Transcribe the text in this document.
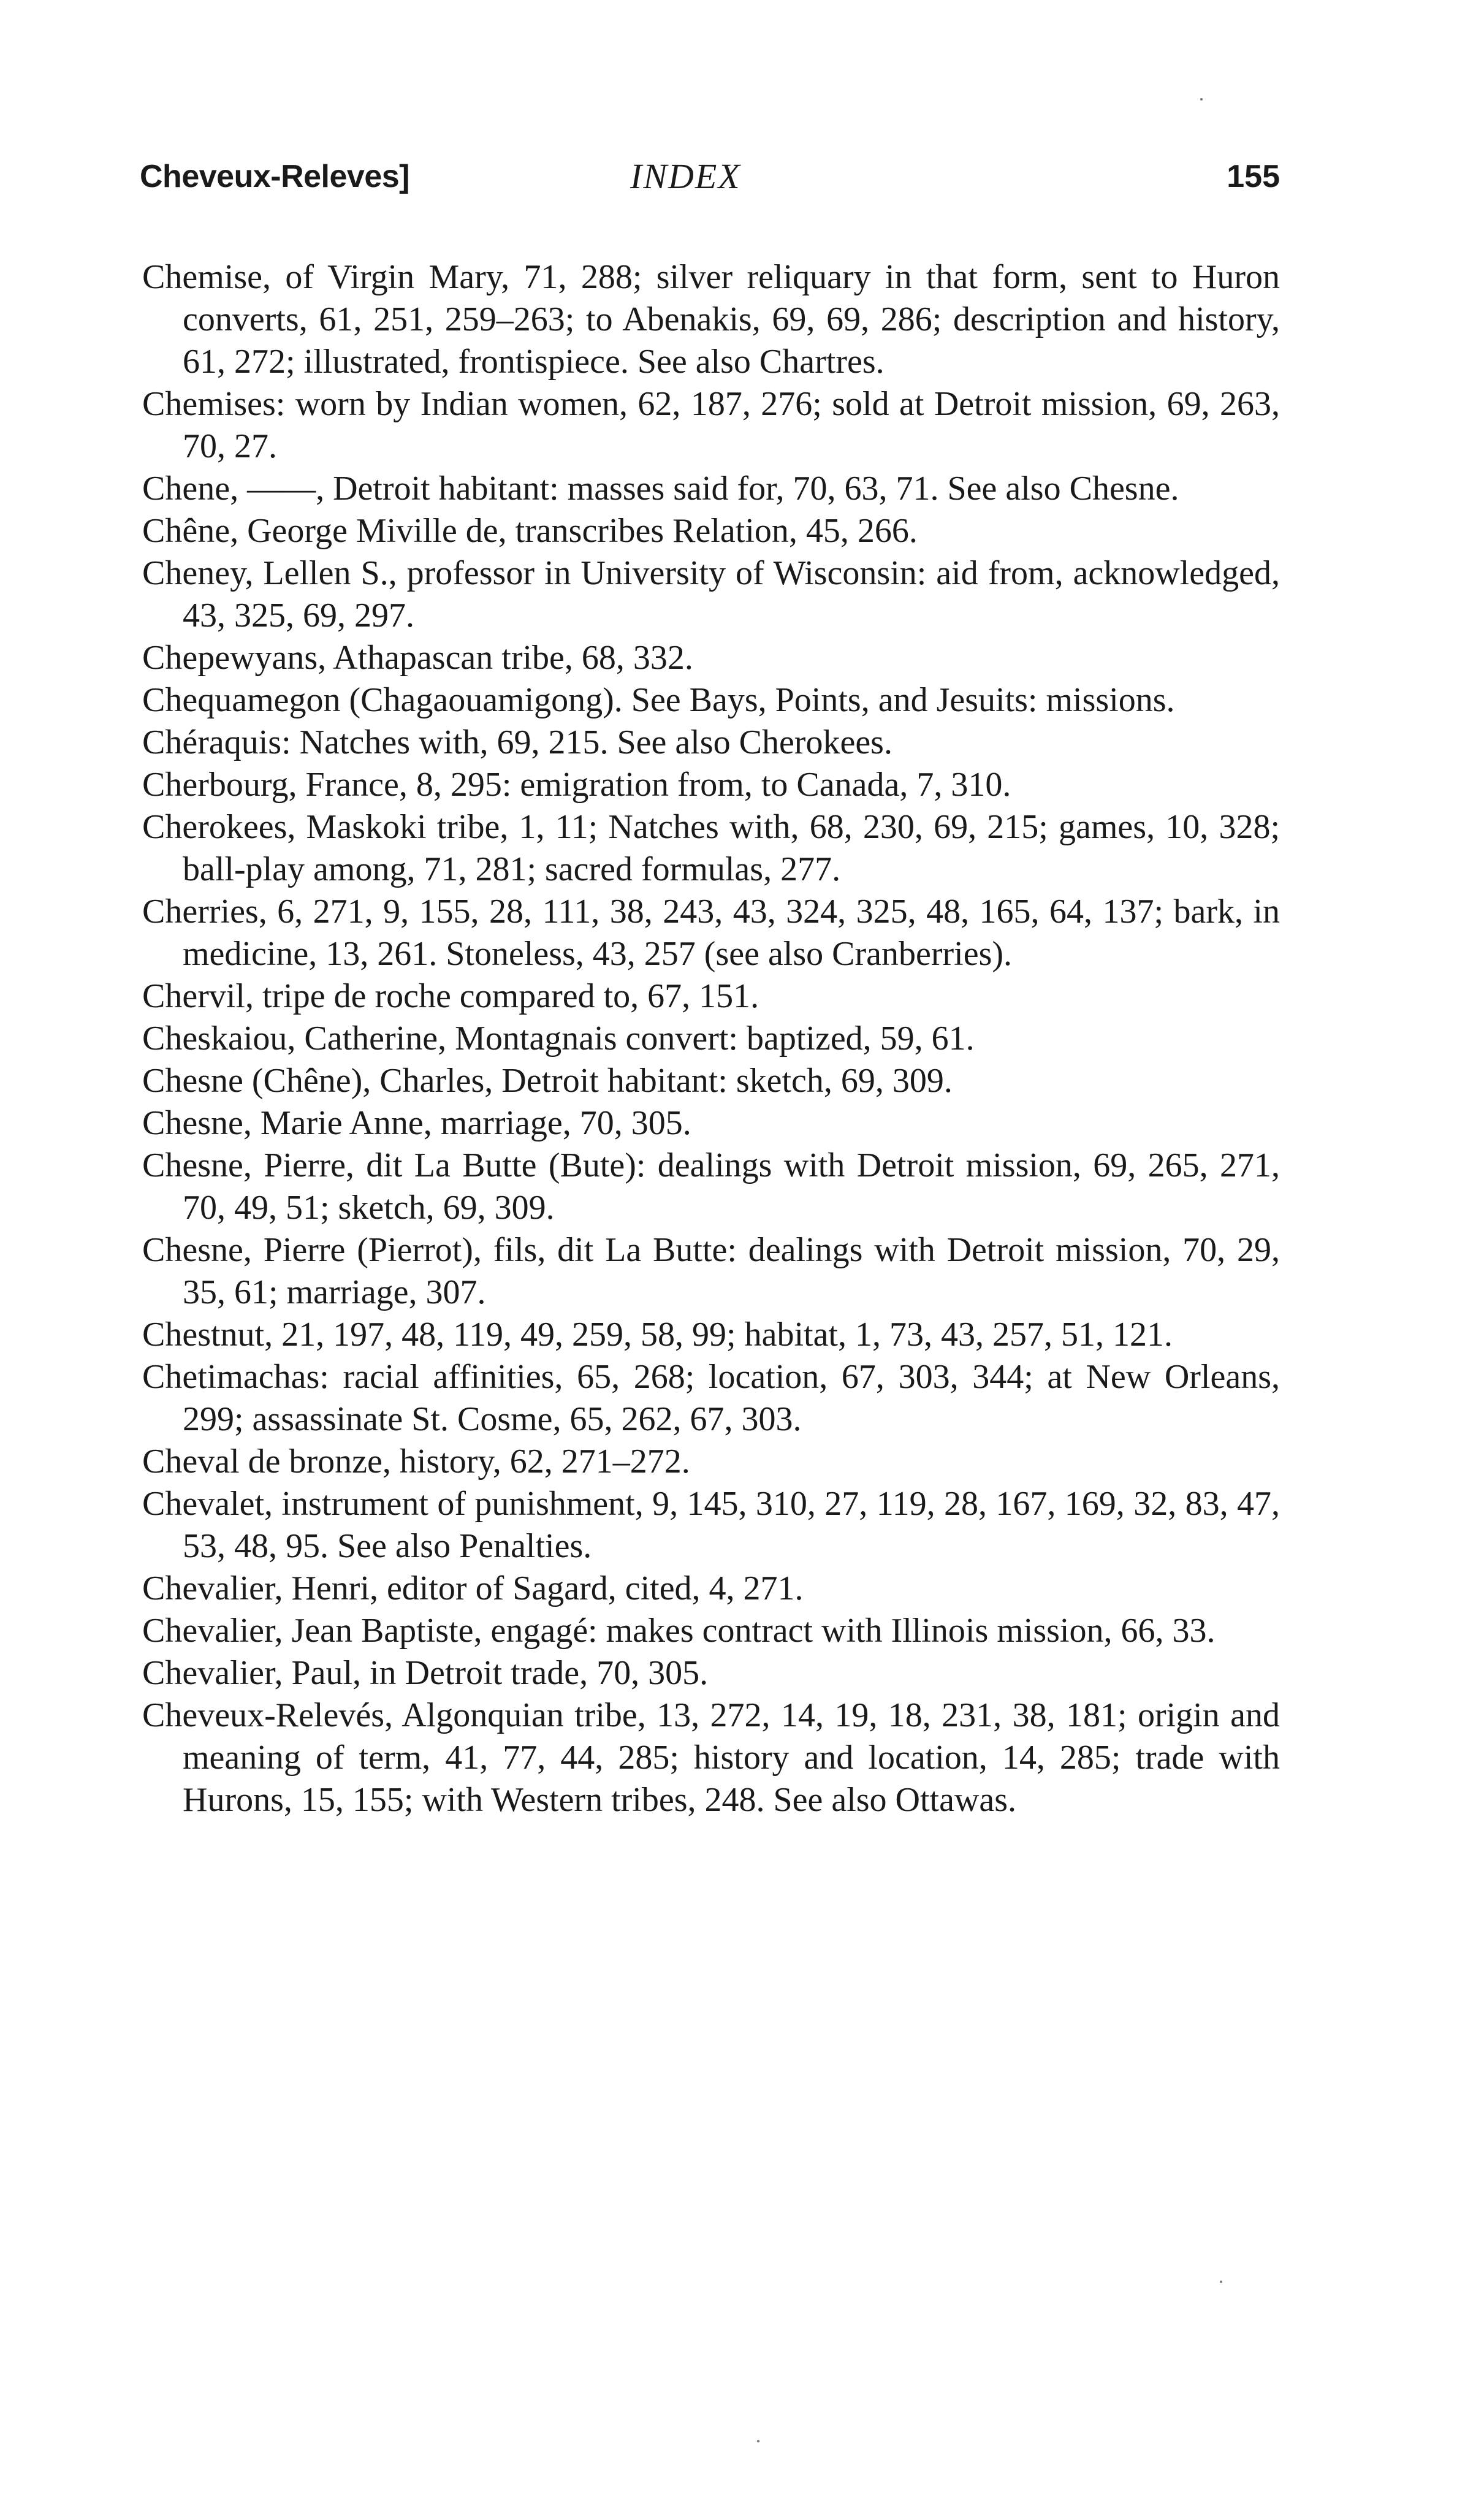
Cheveux-Releves]	INDEX	155
Chemise, of Virgin Mary, 71, 288; silver reliquary in that form, sent to Huron converts, 61, 251, 259–263; to Abenakis, 69, 69, 286; description and history, 61, 272; illustrated, frontispiece. See also Chartres.
Chemises: worn by Indian women, 62, 187, 276; sold at Detroit mission, 69, 263, 70, 27.
Chene, ——, Detroit habitant: masses said for, 70, 63, 71. See also Chesne.
Chêne, George Miville de, transcribes Relation, 45, 266.
Cheney, Lellen S., professor in University of Wisconsin: aid from, acknowledged, 43, 325, 69, 297.
Chepewyans, Athapascan tribe, 68, 332.
Chequamegon (Chagaouamigong). See Bays, Points, and Jesuits: missions.
Chéraquis: Natches with, 69, 215. See also Cherokees.
Cherbourg, France, 8, 295: emigration from, to Canada, 7, 310.
Cherokees, Maskoki tribe, 1, 11; Natches with, 68, 230, 69, 215; games, 10, 328; ball-play among, 71, 281; sacred formulas, 277.
Cherries, 6, 271, 9, 155, 28, 111, 38, 243, 43, 324, 325, 48, 165, 64, 137; bark, in medicine, 13, 261. Stoneless, 43, 257 (see also Cranberries).
Chervil, tripe de roche compared to, 67, 151.
Cheskaiou, Catherine, Montagnais convert: baptized, 59, 61.
Chesne (Chêne), Charles, Detroit habitant: sketch, 69, 309.
Chesne, Marie Anne, marriage, 70, 305.
Chesne, Pierre, dit La Butte (Bute): dealings with Detroit mission, 69, 265, 271, 70, 49, 51; sketch, 69, 309.
Chesne, Pierre (Pierrot), fils, dit La Butte: dealings with Detroit mission, 70, 29, 35, 61; marriage, 307.
Chestnut, 21, 197, 48, 119, 49, 259, 58, 99; habitat, 1, 73, 43, 257, 51, 121.
Chetimachas: racial affinities, 65, 268; location, 67, 303, 344; at New Orleans, 299; assassinate St. Cosme, 65, 262, 67, 303.
Cheval de bronze, history, 62, 271–272.
Chevalet, instrument of punishment, 9, 145, 310, 27, 119, 28, 167, 169, 32, 83, 47, 53, 48, 95. See also Penalties.
Chevalier, Henri, editor of Sagard, cited, 4, 271.
Chevalier, Jean Baptiste, engagé: makes contract with Illinois mission, 66, 33.
Chevalier, Paul, in Detroit trade, 70, 305.
Cheveux-Relevés, Algonquian tribe, 13, 272, 14, 19, 18, 231, 38, 181; origin and meaning of term, 41, 77, 44, 285; history and location, 14, 285; trade with Hurons, 15, 155; with Western tribes, 248. See also Ottawas.
